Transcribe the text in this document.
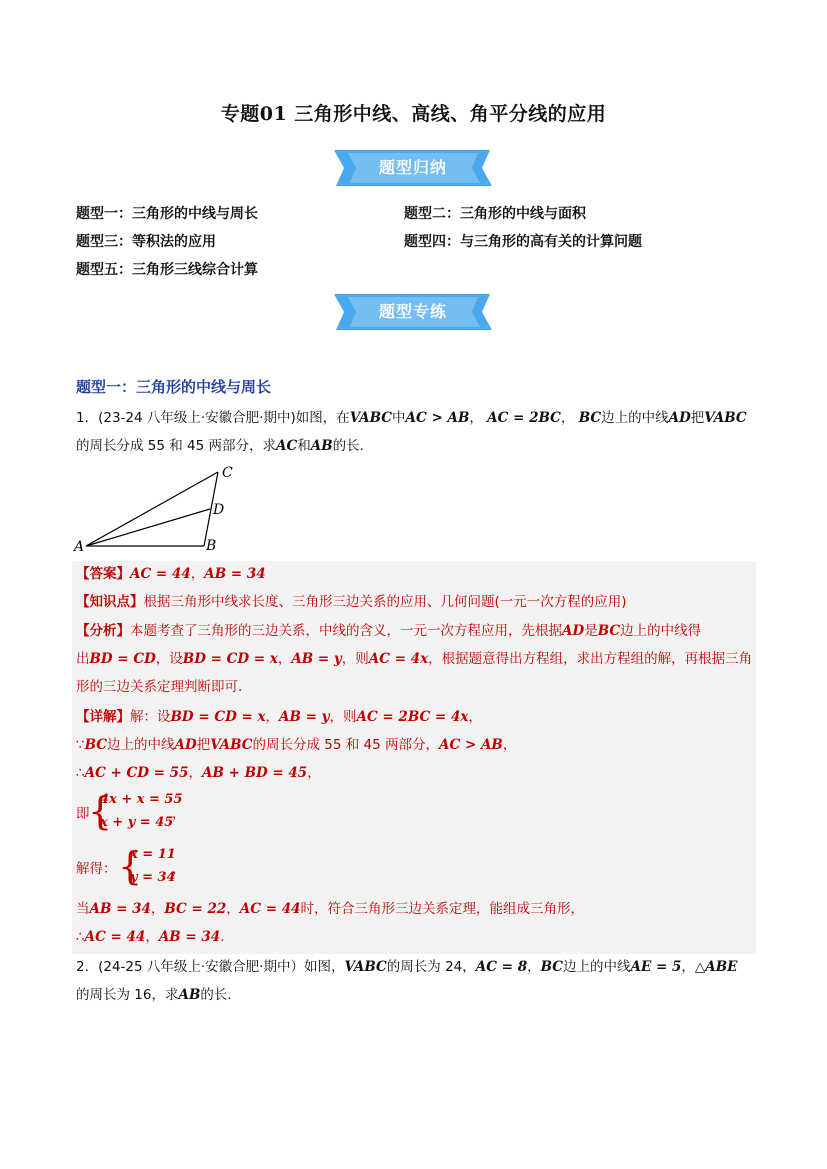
专题01 三角形中线、高线、角平分线的应用
题型归纳
题型一：三角形的中线与周长	题型二：三角形的中线与面积
题型三：等积法的应用	题型四：与三角形的高有关的计算问题
题型五：三角形三线综合计算
题型专练
题型一：三角形的中线与周长
1．(23-24 八年级上·安徽合肥·期中)如图，在VABC中AC > AB， AC = 2BC， BC边上的中线AD把VABC
的周长分成 55 和 45 两部分，求AC和AB的长.
A	B
C
D
【答案】AC = 44，AB = 34
【知识点】根据三角形中线求长度、三角形三边关系的应用、几何问题(一元一次方程的应用)
【分析】本题考查了三角形的三边关系，中线的含义，一元一次方程应用，先根据AD是BC边上的中线得
出BD = CD，设BD = CD = x，AB = y，则AC = 4x，根据题意得出方程组，求出方程组的解，再根据三角
形的三边关系定理判断即可.
【详解】解：设BD = CD = x，AB = y，则AC = 2BC = 4x，
∵BC边上的中线AD把VABC的周长分成 55 和 45 两部分，AC > AB，
∴AC + CD = 55，AB + BD = 45，
即
{
4x + x = 55
x + y = 45
，
解得： {
x = 11
y = 34
，
当AB = 34，BC = 22，AC = 44时，符合三角形三边关系定理，能组成三角形，
∴AC = 44，AB = 34.
2．(24-25 八年级上·安徽合肥·期中）如图，VABC的周长为 24，AC = 8，BC边上的中线AE = 5，△ABE
的周长为 16，求AB的长.
